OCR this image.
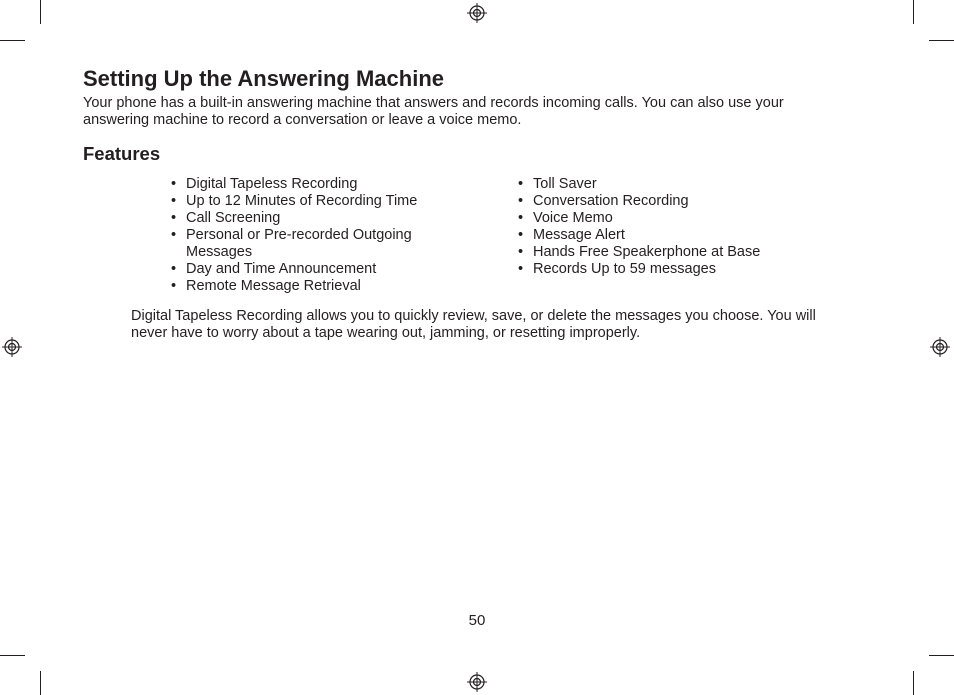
Setting Up the Answering Machine

Your phone has a built-in answering machine that answers and records incoming calls. You can also use your answering machine to record a conversation or leave a voice memo.

Features
• Digital Tapeless Recording
• Up to 12 Minutes of Recording Time
• Call Screening
• Personal or Pre-recorded Outgoing Messages
• Day and Time Announcement
• Remote Message Retrieval
• Toll Saver
• Conversation Recording
• Voice Memo
• Message Alert
• Hands Free Speakerphone at Base
• Records Up to 59 messages

Digital Tapeless Recording allows you to quickly review, save, or delete the messages you choose. You will never have to worry about a tape wearing out, jamming, or resetting improperly.

50
